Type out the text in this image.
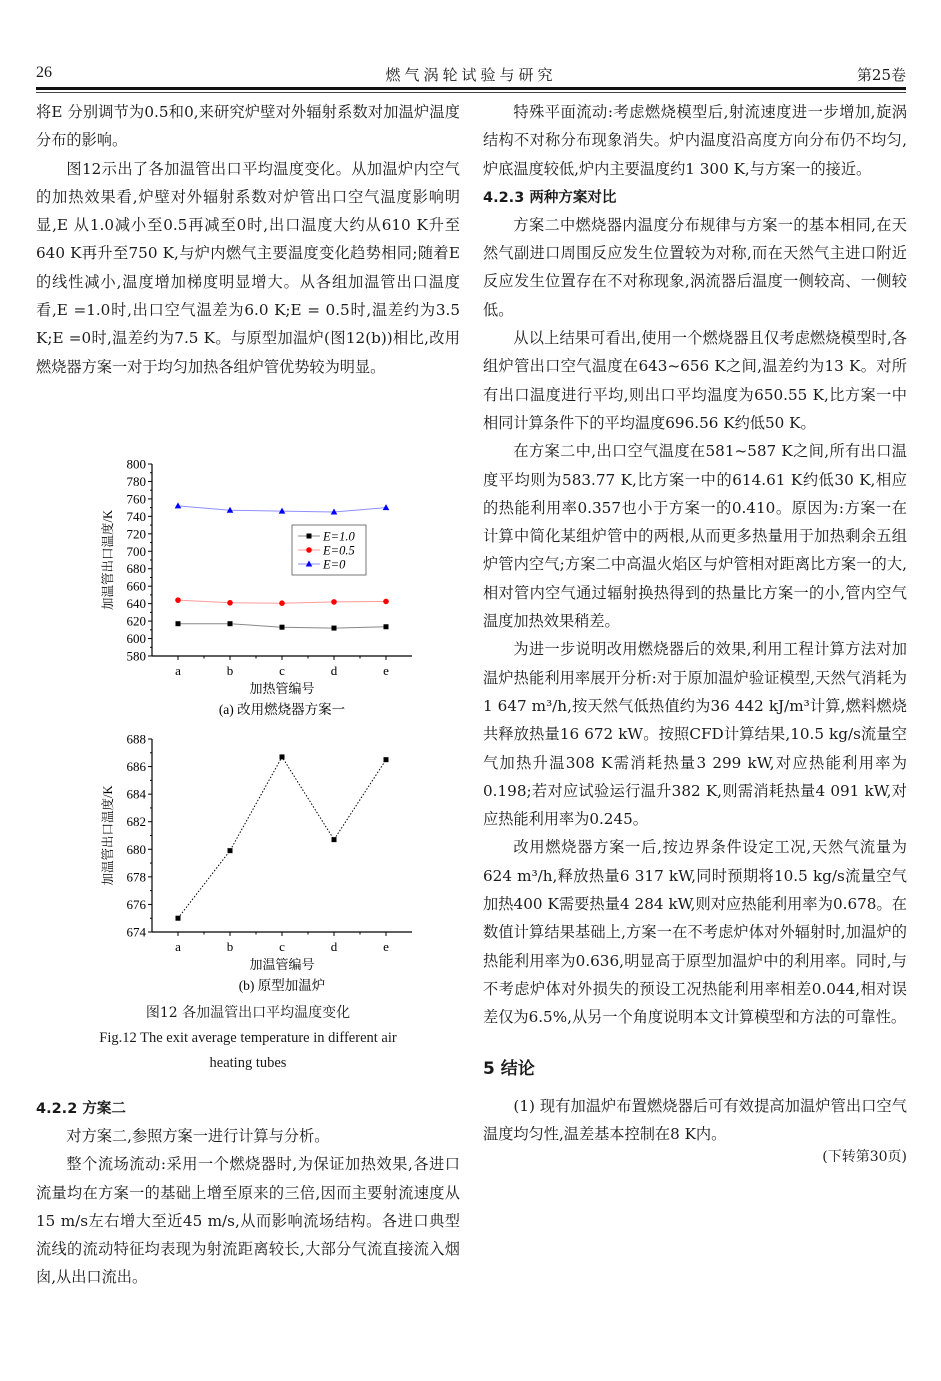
26	燃气涡轮试验与研究	第25卷

将E 分别调节为0.5和0,来研究炉壁对外辐射系数对加温炉温度分布的影响。

图12示出了各加温管出口平均温度变化。从加温炉内空气的加热效果看,炉壁对外辐射系数对炉管出口空气温度影响明显,E 从1.0减小至0.5再减至0时,出口温度大约从610 K升至640 K再升至750 K,与炉内燃气主要温度变化趋势相同;随着E 的线性减小,温度增加梯度明显增大。从各组加温管出口温度看,E =1.0时,出口空气温差为6.0 K;E = 0.5时,温差约为3.5 K;E =0时,温差约为7.5 K。与原型加温炉(图12(b))相比,改用燃烧器方案一对于均匀加热各组炉管优势较为明显。

580
600
620
640
660
680
700
720
740
760
780
800
a	b	c	d	e
加温管出口温度/K
加热管编号
(a) 改用燃烧器方案一
E=1.0
E=0.5
E=0
674
676
678
680
682
684
686
688
a	b	c	d	e
加温管出口温度/K
加温管编号
(b) 原型加温炉
图12 各加温管出口平均温度变化
Fig.12 The exit average temperature in different air
heating tubes
4.2.2 方案二

对方案二,参照方案一进行计算与分析。

整个流场流动:采用一个燃烧器时,为保证加热效果,各进口流量均在方案一的基础上增至原来的三倍,因而主要射流速度从15 m/s左右增大至近45 m/s,从而影响流场结构。各进口典型流线的流动特征均表现为射流距离较长,大部分气流直接流入烟囱,从出口流出。

特殊平面流动:考虑燃烧模型后,射流速度进一步增加,旋涡结构不对称分布现象消失。炉内温度沿高度方向分布仍不均匀,炉底温度较低,炉内主要温度约1 300 K,与方案一的接近。

4.2.3 两种方案对比

方案二中燃烧器内温度分布规律与方案一的基本相同,在天然气副进口周围反应发生位置较为对称,而在天然气主进口附近反应发生位置存在不对称现象,涡流器后温度一侧较高、一侧较低。

从以上结果可看出,使用一个燃烧器且仅考虑燃烧模型时,各组炉管出口空气温度在643~656 K之间,温差约为13 K。对所有出口温度进行平均,则出口平均温度为650.55 K,比方案一中相同计算条件下的平均温度696.56 K约低50 K。

在方案二中,出口空气温度在581~587 K之间,所有出口温度平均则为583.77 K,比方案一中的614.61 K约低30 K,相应的热能利用率0.357也小于方案一的0.410。原因为:方案一在计算中简化某组炉管中的两根,从而更多热量用于加热剩余五组炉管内空气;方案二中高温火焰区与炉管相对距离比方案一的大,相对管内空气通过辐射换热得到的热量比方案一的小,管内空气温度加热效果稍差。

为进一步说明改用燃烧器后的效果,利用工程计算方法对加温炉热能利用率展开分析:对于原加温炉验证模型,天然气消耗为1 647 m³/h,按天然气低热值约为36 442 kJ/m³计算,燃料燃烧共释放热量16 672 kW。按照CFD计算结果,10.5 kg/s流量空气加热升温308 K需消耗热量3 299 kW,对应热能利用率为0.198;若对应试验运行温升382 K,则需消耗热量4 091 kW,对应热能利用率为0.245。

改用燃烧器方案一后,按边界条件设定工况,天然气流量为624 m³/h,释放热量6 317 kW,同时预期将10.5 kg/s流量空气加热400 K需要热量4 284 kW,则对应热能利用率为0.678。在数值计算结果基础上,方案一在不考虑炉体对外辐射时,加温炉的热能利用率为0.636,明显高于原型加温炉中的利用率。同时,与不考虑炉体对外损失的预设工况热能利用率相差0.044,相对误差仅为6.5%,从另一个角度说明本文计算模型和方法的可靠性。

5 结论

(1) 现有加温炉布置燃烧器后可有效提高加温炉管出口空气温度均匀性,温差基本控制在8 K内。

(下转第30页)
